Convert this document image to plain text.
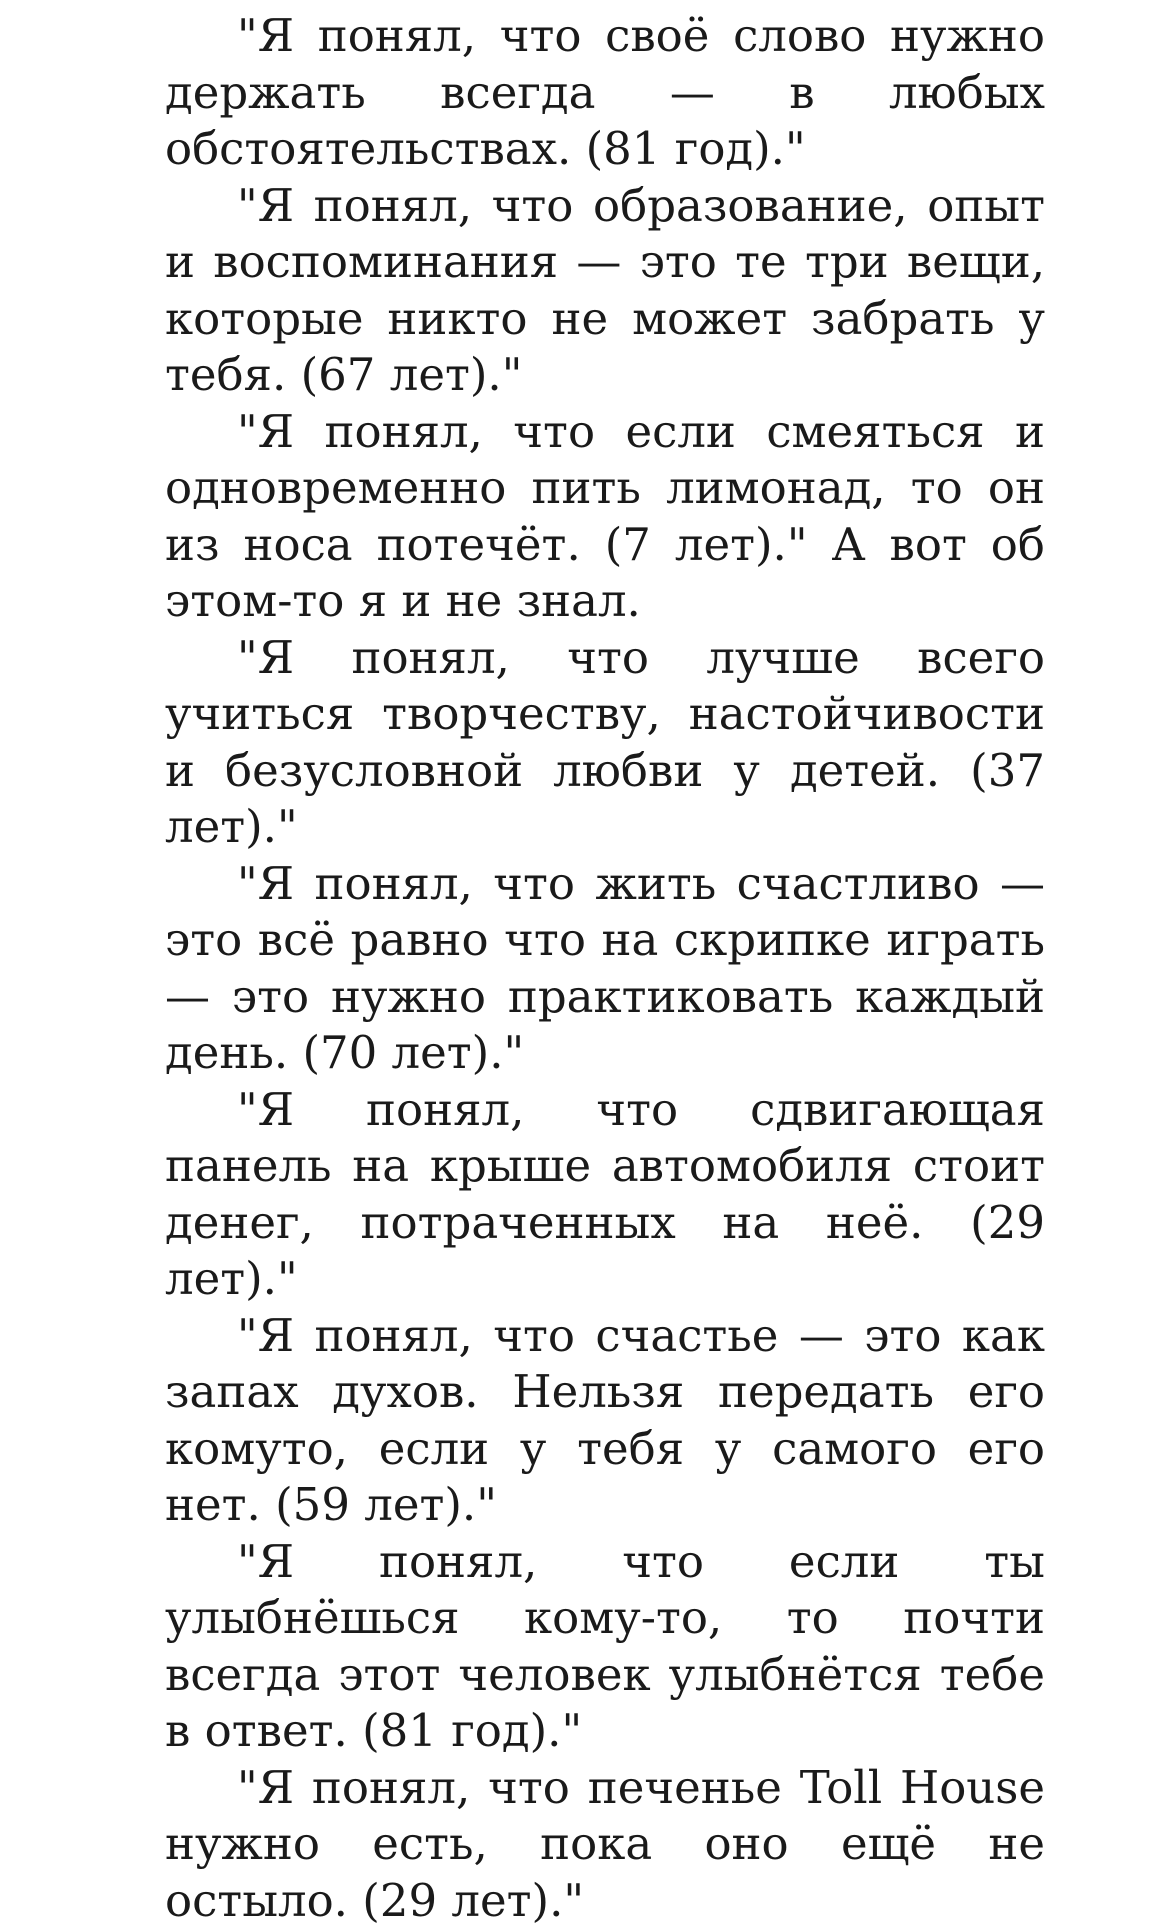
"Я понял, что своё слово нужно держать всегда — в любых обстоятельствах. (81 год)."

"Я понял, что образование, опыт и воспоминания — это те три вещи, которые никто не может забрать у тебя. (67 лет)."

"Я понял, что если смеяться и одновременно пить лимонад, то он из носа потечёт. (7 лет)." А вот об этом-то я и не знал.

"Я понял, что лучше всего учиться творчеству, настойчивости и безусловной любви у детей. (37 лет)."

"Я понял, что жить счастливо — это всё равно что на скрипке играть — это нужно практиковать каждый день. (70 лет)."

"Я понял, что сдвигающая панель на крыше автомобиля стоит денег, потраченных на неё. (29 лет)."

"Я понял, что счастье — это как запах духов. Нельзя передать его комуто, если у тебя у самого его нет. (59 лет)."

"Я понял, что если ты улыбнёшься кому-то, то почти всегда этот человек улыбнётся тебе в ответ. (81 год)."

"Я понял, что печенье Toll House нужно есть, пока оно ещё не остыло. (29 лет)."
